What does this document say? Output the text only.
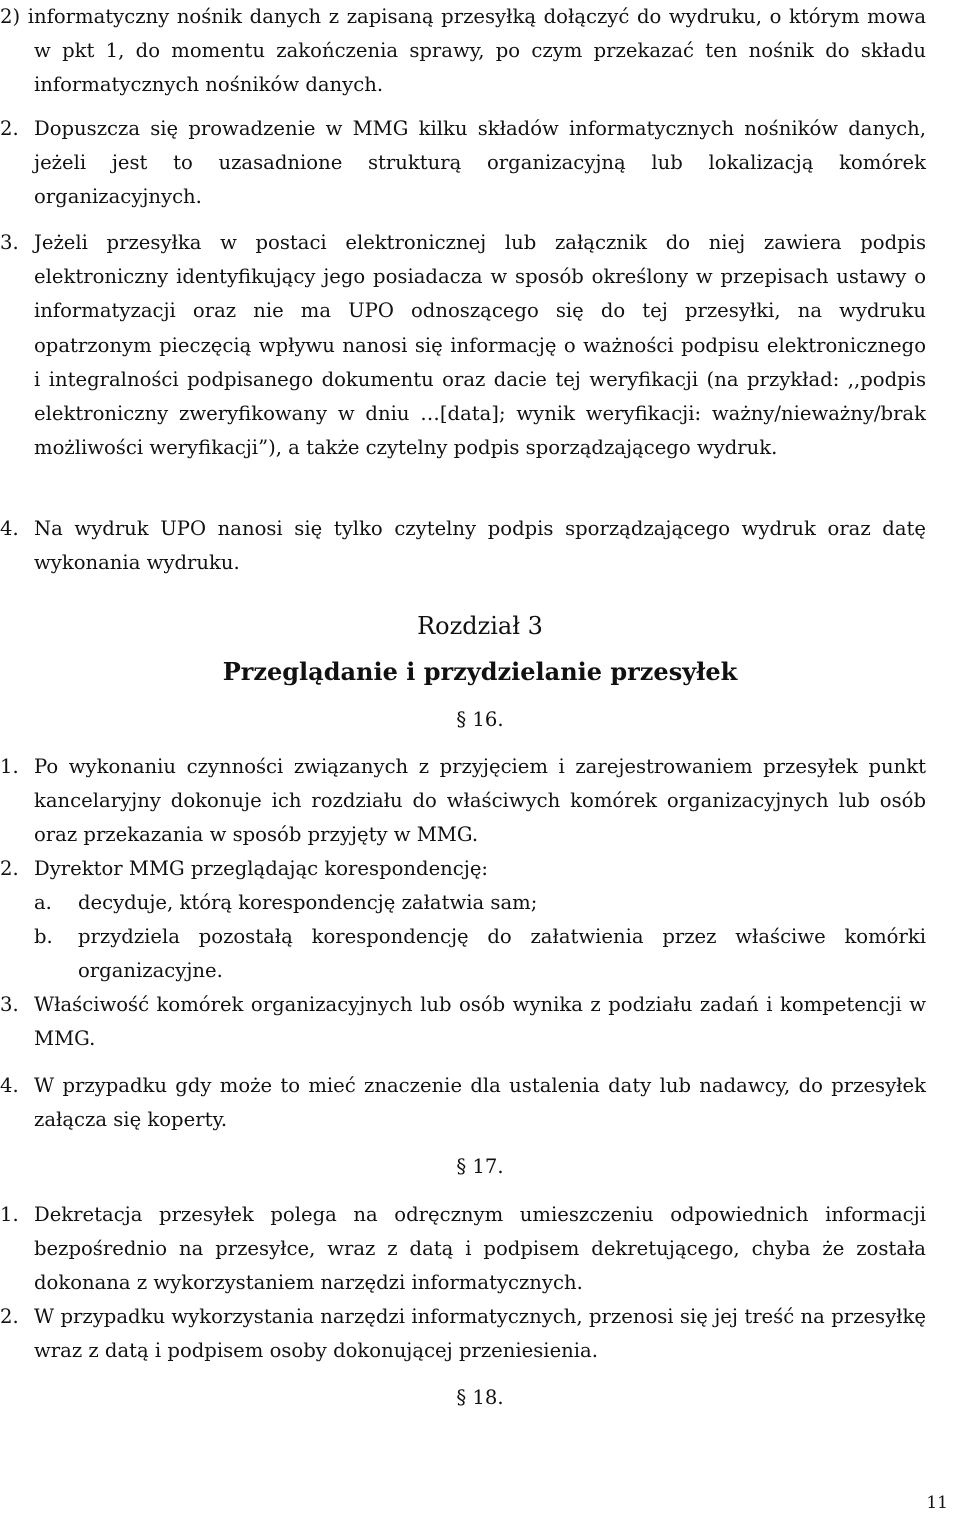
2) informatyczny nośnik danych z zapisaną przesyłką dołączyć do wydruku, o którym mowa w pkt 1, do momentu zakończenia sprawy, po czym przekazać ten nośnik do składu informatycznych nośników danych.

2. Dopuszcza się prowadzenie w MMG kilku składów informatycznych nośników danych, jeżeli jest to uzasadnione strukturą organizacyjną lub lokalizacją komórek organizacyjnych.

3. Jeżeli przesyłka w postaci elektronicznej lub załącznik do niej zawiera podpis elektroniczny identyfikujący jego posiadacza w sposób określony w przepisach ustawy o informatyzacji oraz nie ma UPO odnoszącego się do tej przesyłki, na wydruku opatrzonym pieczęcią wpływu nanosi się informację o ważności podpisu elektronicznego i integralności podpisanego dokumentu oraz dacie tej weryfikacji (na przykład: ,,podpis elektroniczny zweryfikowany w dniu …[data]; wynik weryfikacji: ważny/nieważny/brak możliwości weryfikacji”), a także czytelny podpis sporządzającego wydruk.

4. Na wydruk UPO nanosi się tylko czytelny podpis sporządzającego wydruk oraz datę wykonania wydruku.

Rozdział 3

Przeglądanie i przydzielanie przesyłek

§ 16.

1. Po wykonaniu czynności związanych z przyjęciem i zarejestrowaniem przesyłek punkt kancelaryjny dokonuje ich rozdziału do właściwych komórek organizacyjnych lub osób oraz przekazania w sposób przyjęty w MMG.

2. Dyrektor MMG przeglądając korespondencję:

a.	decyduje, którą korespondencję załatwia sam;

b.	przydziela pozostałą korespondencję do załatwienia przez właściwe komórki organizacyjne.

3. Właściwość komórek organizacyjnych lub osób wynika z podziału zadań i kompetencji w MMG.

4. W przypadku gdy może to mieć znaczenie dla ustalenia daty lub nadawcy, do przesyłek załącza się koperty.

§ 17.

1. Dekretacja przesyłek polega na odręcznym umieszczeniu odpowiednich informacji bezpośrednio na przesyłce, wraz z datą i podpisem dekretującego, chyba że została dokonana z wykorzystaniem narzędzi informatycznych.

2. W przypadku wykorzystania narzędzi informatycznych, przenosi się jej treść na przesyłkę wraz z datą i podpisem osoby dokonującej przeniesienia.

§ 18.

11
